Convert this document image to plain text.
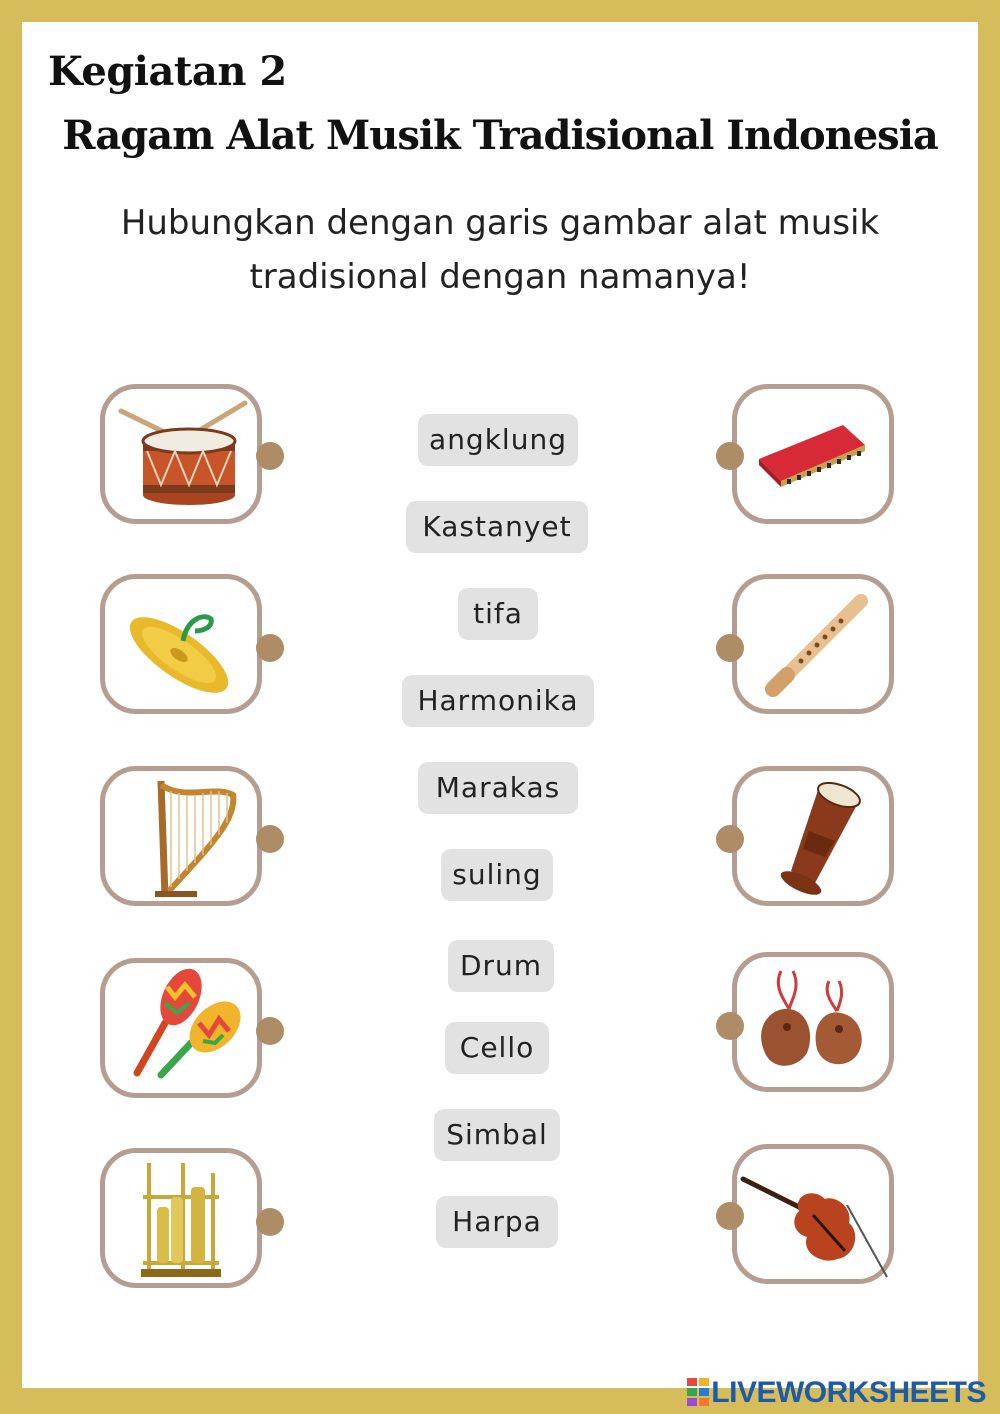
Kegiatan 2
Ragam Alat Musik Tradisional Indonesia
Hubungkan dengan garis gambar alat musik
tradisional dengan namanya!
angklung
Kastanyet
tifa
Harmonika
Marakas
suling
Drum
Cello
Simbal
Harpa
LIVEWORKSHEETS
